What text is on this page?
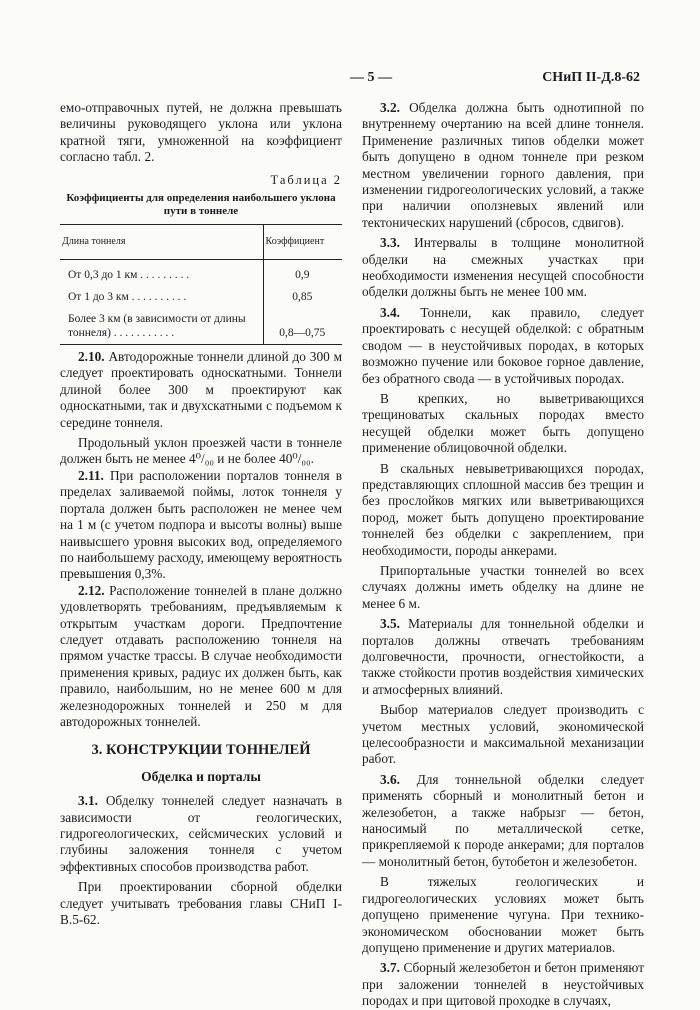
— 5 —	СНиП II-Д.8-62

емо-отправочных путей, не должна превышать величины руководящего уклона или уклона кратной тяги, умноженной на коэффициент согласно табл. 2.

Таблица 2
Коэффициенты для определения наибольшего уклона пути в тоннеле
Длина тоннеля	Коэффициент
От 0,3 до 1 км . . . . . . . . .	0,9
От 1 до 3 км . . . . . . . . . .	0,85
Более 3 км (в зависимости от длины тоннеля) . . . . . . . . . . .	0,8—0,75

2.10. Автодорожные тоннели длиной до 300 м следует проектировать однoскатными. Тоннели длиной более 300 м проектируют как однoскатными, так и двухскатными с подъемом к середине тоннеля.

Продольный уклон проезжей части в тоннеле должен быть не менее 4⁰/₀₀ и не более 40⁰/₀₀.

2.11. При расположении порталов тоннеля в пределах заливаемой поймы, лоток тоннеля у портала должен быть расположен не менее чем на 1 м (с учетом подпора и высоты волны) выше наивысшего уровня высоких вод, определяемого по наибольшему расходу, имеющему вероятность превышения 0,3%.

2.12. Расположение тоннелей в плане должно удовлетворять требованиям, предъявляемым к открытым участкам дороги. Предпочтение следует отдавать расположению тоннеля на прямом участке трассы. В случае необходимости применения кривых, радиус их должен быть, как правило, наибольшим, но не менее 600 м для железнодорожных тоннелей и 250 м для автодорожных тоннелей.

3. КОНСТРУКЦИИ ТОННЕЛЕЙ
Обделка и порталы

3.1. Обделку тоннелей следует назначать в зависимости от геологических, гидрогеологических, сейсмических условий и глубины заложения тоннеля с учетом эффективных способов производства работ.

При проектировании сборной обделки следует учитывать требования главы СНиП I-В.5-62.

3.2. Обделка должна быть однотипной по внутреннему очертанию на всей длине тоннеля. Применение различных типов обделки может быть допущено в одном тоннеле при резком местном увеличении горного давления, при изменении гидрогеологических условий, а также при наличии оползневых явлений или тектонических нарушений (сбросов, сдвигов).

3.3. Интервалы в толщине монолитной обделки на смежных участках при необходимости изменения несущей способности обделки должны быть не менее 100 мм.

3.4. Тоннели, как правило, следует проектировать с несущей обделкой: с обратным сводом — в неустойчивых породах, в которых возможно пучение или боковое горное давление, без обратного свода — в устойчивых породах.

В крепких, но выветривающихся трещиноватых скальных породах вместо несущей обделки может быть допущено применение облицовочной обделки.

В скальных невыветривающихся породах, представляющих сплошной массив без трещин и без прослойков мягких или выветривающихся пород, может быть допущено проектирование тоннелей без обделки с закреплением, при необходимости, породы анкерами.

Припортальные участки тоннелей во всех случаях должны иметь обделку на длине не менее 6 м.

3.5. Материалы для тоннельной обделки и порталов должны отвечать требованиям долговечности, прочности, огнестойкости, а также стойкости против воздействия химических и атмосферных влияний.

Выбор материалов следует производить с учетом местных условий, экономической целесообразности и максимальной механизации работ.

3.6. Для тоннельной обделки следует применять сборный и монолитный бетон и железобетон, а также набрызг — бетон, наносимый по металлической сетке, прикрепляемой к породе анкерами; для порталов — монолитный бетон, бутобетон и железобетон.

В тяжелых геологических и гидрогеологических условиях может быть допущено применение чугуна. При технико-экономическом обосновании может быть допущено применение и других материалов.

3.7. Сборный железобетон и бетон применяют при заложении тоннелей в неустойчивых породах и при щитовой проходке в случаях,
